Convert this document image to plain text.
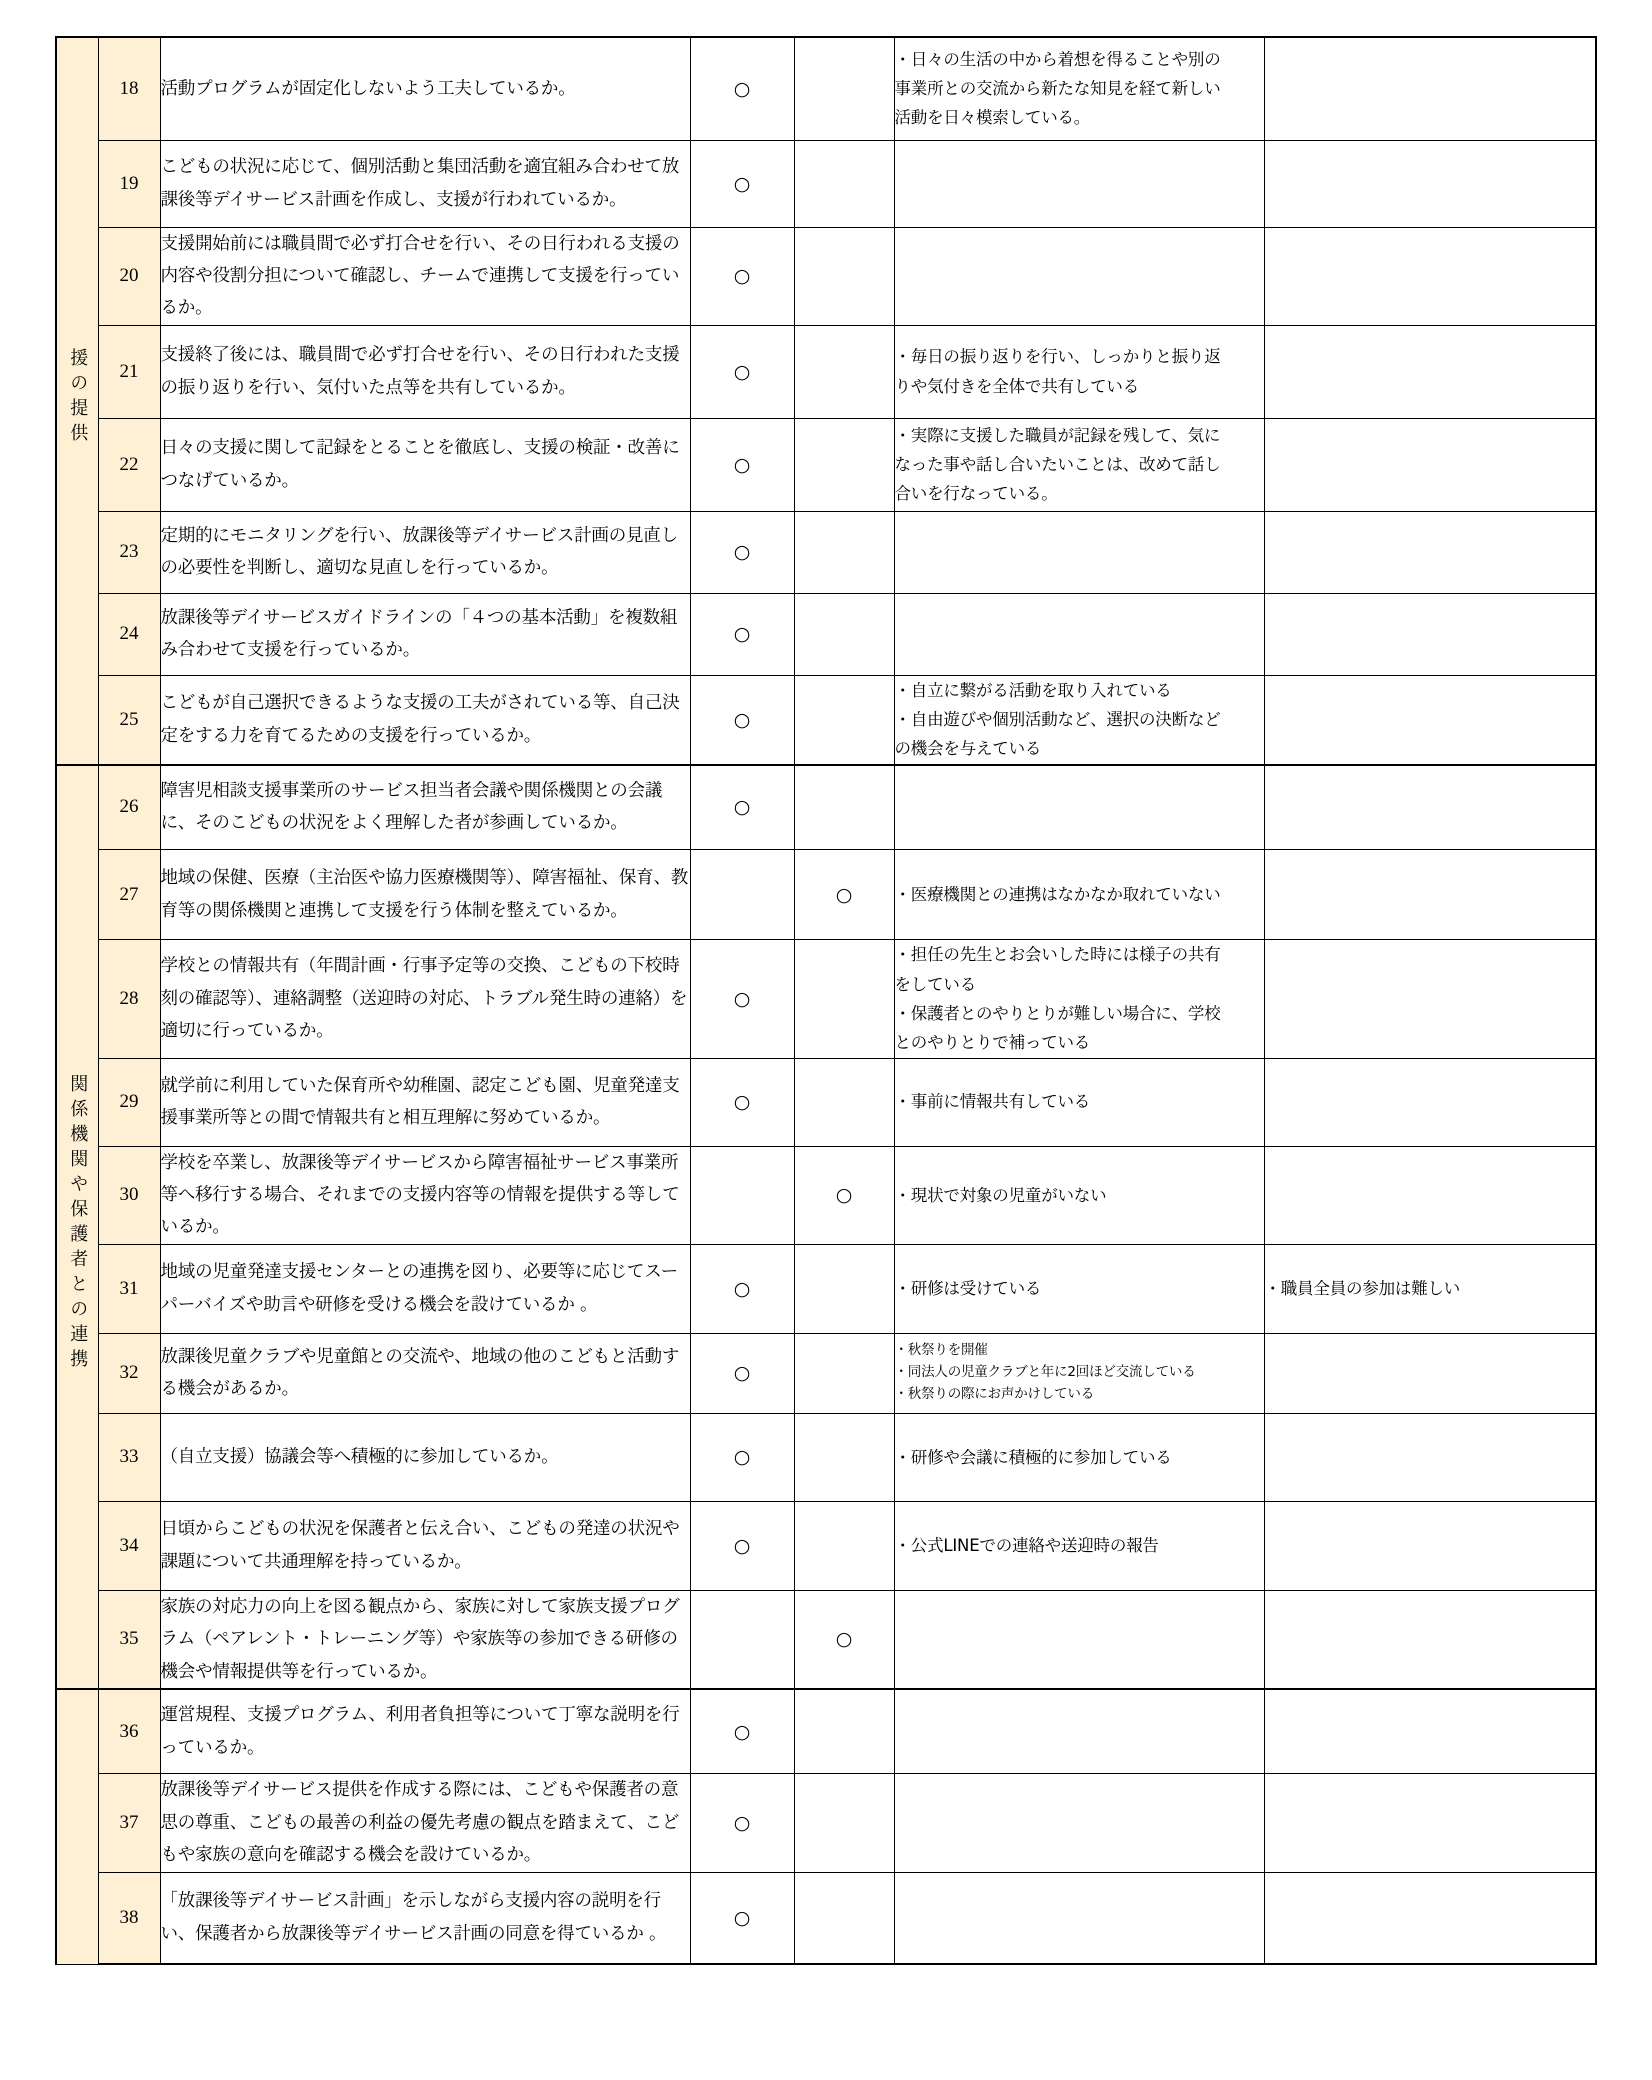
援の提供	18	活動プログラムが固定化しないよう工夫しているか。	○		・日々の生活の中から着想を得ることや別の
事業所との交流から新たな知見を経て新しい
活動を日々模索している。	

	19	こどもの状況に応じて、個別活動と集団活動を適宜組み合わせて放課後等デイサービス計画を作成し、支援が行われているか。	○			
	20	支援開始前には職員間で必ず打合せを行い、その日行われる支援の内容や役割分担について確認し、チームで連携して支援を行っているか。	○			
	21	支援終了後には、職員間で必ず打合せを行い、その日行われた支援の振り返りを行い、気付いた点等を共有しているか。	○		・毎日の振り返りを行い、しっかりと振り返
りや気付きを全体で共有している	

	22	日々の支援に関して記録をとることを徹底し、支援の検証・改善につなげているか。	○		・実際に支援した職員が記録を残して、気に
なった事や話し合いたいことは、改めて話し
合いを行なっている。	

	23	定期的にモニタリングを行い、放課後等デイサービス計画の見直しの必要性を判断し、適切な見直しを行っているか。	○			
	24	放課後等デイサービスガイドラインの「４つの基本活動」を複数組み合わせて支援を行っているか。	○			
	25	こどもが自己選択できるような支援の工夫がされている等、自己決定をする力を育てるための支援を行っているか。	○		・自立に繋がる活動を取り入れている
・自由遊びや個別活動など、選択の決断など
の機会を与えている	

関係機関や保護者との連携	26	障害児相談支援事業所のサービス担当者会議や関係機関との会議に、そのこどもの状況をよく理解した者が参画しているか。	○			
	27	地域の保健、医療（主治医や協力医療機関等）、障害福祉、保育、教育等の関係機関と連携して支援を行う体制を整えているか。		○	・医療機関との連携はなかなか取れていない	

	28	学校との情報共有（年間計画・行事予定等の交換、こどもの下校時刻の確認等）、連絡調整（送迎時の対応、トラブル発生時の連絡）を適切に行っているか。	○		・担任の先生とお会いした時には様子の共有
をしている
・保護者とのやりとりが難しい場合に、学校
とのやりとりで補っている	

	29	就学前に利用していた保育所や幼稚園、認定こども園、児童発達支援事業所等との間で情報共有と相互理解に努めているか。	○		・事前に情報共有している	

	30	学校を卒業し、放課後等デイサービスから障害福祉サービス事業所等へ移行する場合、それまでの支援内容等の情報を提供する等しているか。		○	・現状で対象の児童がいない	

	31	地域の児童発達支援センターとの連携を図り、必要等に応じてスーパーバイズや助言や研修を受ける機会を設けているか 。	○		・研修は受けている	・職員全員の参加は難しい

	32	放課後児童クラブや児童館との交流や、地域の他のこどもと活動する機会があるか。	○		・秋祭りを開催
・同法人の児童クラブと年に2回ほど交流している
・秋祭りの際にお声かけしている	

	33	（自立支援）協議会等へ積極的に参加しているか。	○		・研修や会議に積極的に参加している	

	34	日頃からこどもの状況を保護者と伝え合い、こどもの発達の状況や課題について共通理解を持っているか。	○		・公式LINEでの連絡や送迎時の報告	

	35	家族の対応力の向上を図る観点から、家族に対して家族支援プログラム（ペアレント・トレーニング等）や家族等の参加できる研修の機会や情報提供等を行っているか。		○		
	36	運営規程、支援プログラム、利用者負担等について丁寧な説明を行っているか。	○			
	37	放課後等デイサービス提供を作成する際には、こどもや保護者の意思の尊重、こどもの最善の利益の優先考慮の観点を踏まえて、こどもや家族の意向を確認する機会を設けているか。	○			
	38	「放課後等デイサービス計画」を示しながら支援内容の説明を行い、保護者から放課後等デイサービス計画の同意を得ているか 。	○			
